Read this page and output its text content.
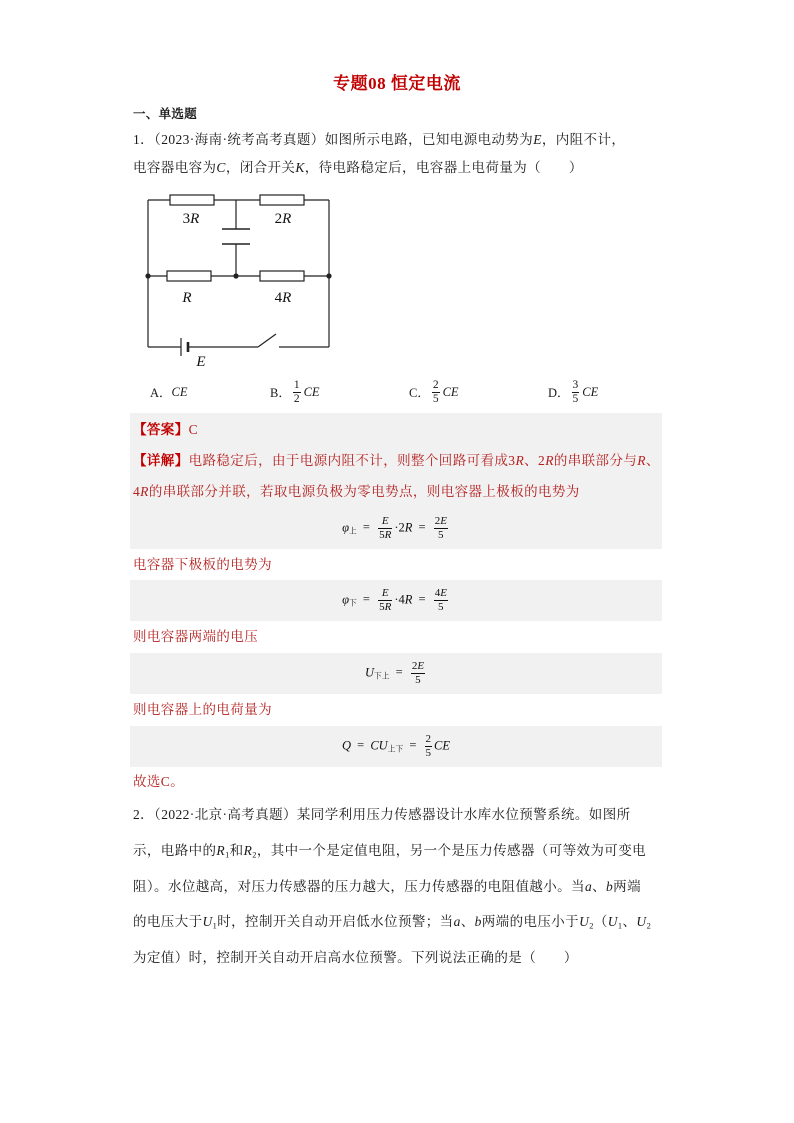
专题08 恒定电流
一、单选题
1．（2023·海南·统考高考真题）如图所示电路，已知电源电动势为E，内阻不计，
电容器电容为C，闭合开关K，待电路稳定后，电容器上电荷量为（　　）
3R	2R
R	4R
E
A． CE	B． $\frac{1}{2}$ CE	C． $\frac{2}{5}$ CE	D． $\frac{3}{5}$ CE
【答案】C
【详解】电路稳定后，由于电源内阻不计，则整个回路可看成3R、2R的串联部分与R、
4R的串联部分并联，若取电源负极为零电势点，则电容器上极板的电势为
$\varphi_上 = \frac{E}{5R} \cdot 2R = \frac{2E}{5}$
电容器下极板的电势为
$\varphi_下 = \frac{E}{5R} \cdot 4R = \frac{4E}{5}$
则电容器两端的电压
$U_{下上} = \frac{2E}{5}$
则电容器上的电荷量为
$Q = CU_{上下} = \frac{2}{5}$ CE
故选C。
2．（2022·北京·高考真题）某同学利用压力传感器设计水库水位预警系统。如图所
示，电路中的$R_1$和$R_2$，其中一个是定值电阻，另一个是压力传感器（可等效为可变电
阻）。水位越高，对压力传感器的压力越大，压力传感器的电阻值越小。当a、b两端
的电压大于$U_1$时，控制开关自动开启低水位预警；当a、b两端的电压小于$U_2(U_1$、$U_2$
为定值）时，控制开关自动开启高水位预警。下列说法正确的是（　　）
